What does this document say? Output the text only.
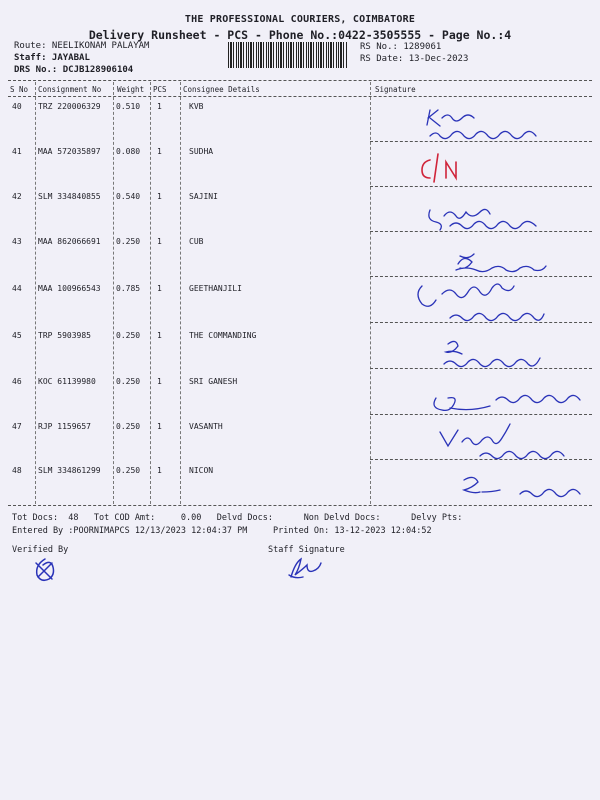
THE PROFESSIONAL COURIERS, COIMBATORE
Delivery Runsheet - PCS - Phone No.:0422-3505555 - Page No.:4
Route: NEELIKONAM PALAYAM
Staff: JAYABAL
DRS No.: DCJB128906104
RS No.: 1289061
RS Date: 13-Dec-2023
S No Consignment No Weight PCS Consignee Details	Signature
40 TRZ 220006329 0.510 1	KVB
41 MAA 572035897 0.080 1	SUDHA
42 SLM 334840855 0.540 1	SAJINI
43 MAA 862066691 0.250 1	CUB
44 MAA 100966543 0.785 1	GEETHANJILI
45 TRP 5903985	0.250 1	THE COMMANDING
46 KOC 61139980	0.250 1	SRI GANESH
47 RJP 1159657	0.250 1	VASANTH
48 SLM 334861299 0.250 1	NICON
Tot Docs:  48   Tot COD Amt:     0.00   Delvd Docs:      Non Delvd Docs:      Delvy Pts:
Entered By :POORNIMAPCS 12/13/2023 12:04:37 PM     Printed On: 13-12-2023 12:04:52
Verified By	Staff Signature
